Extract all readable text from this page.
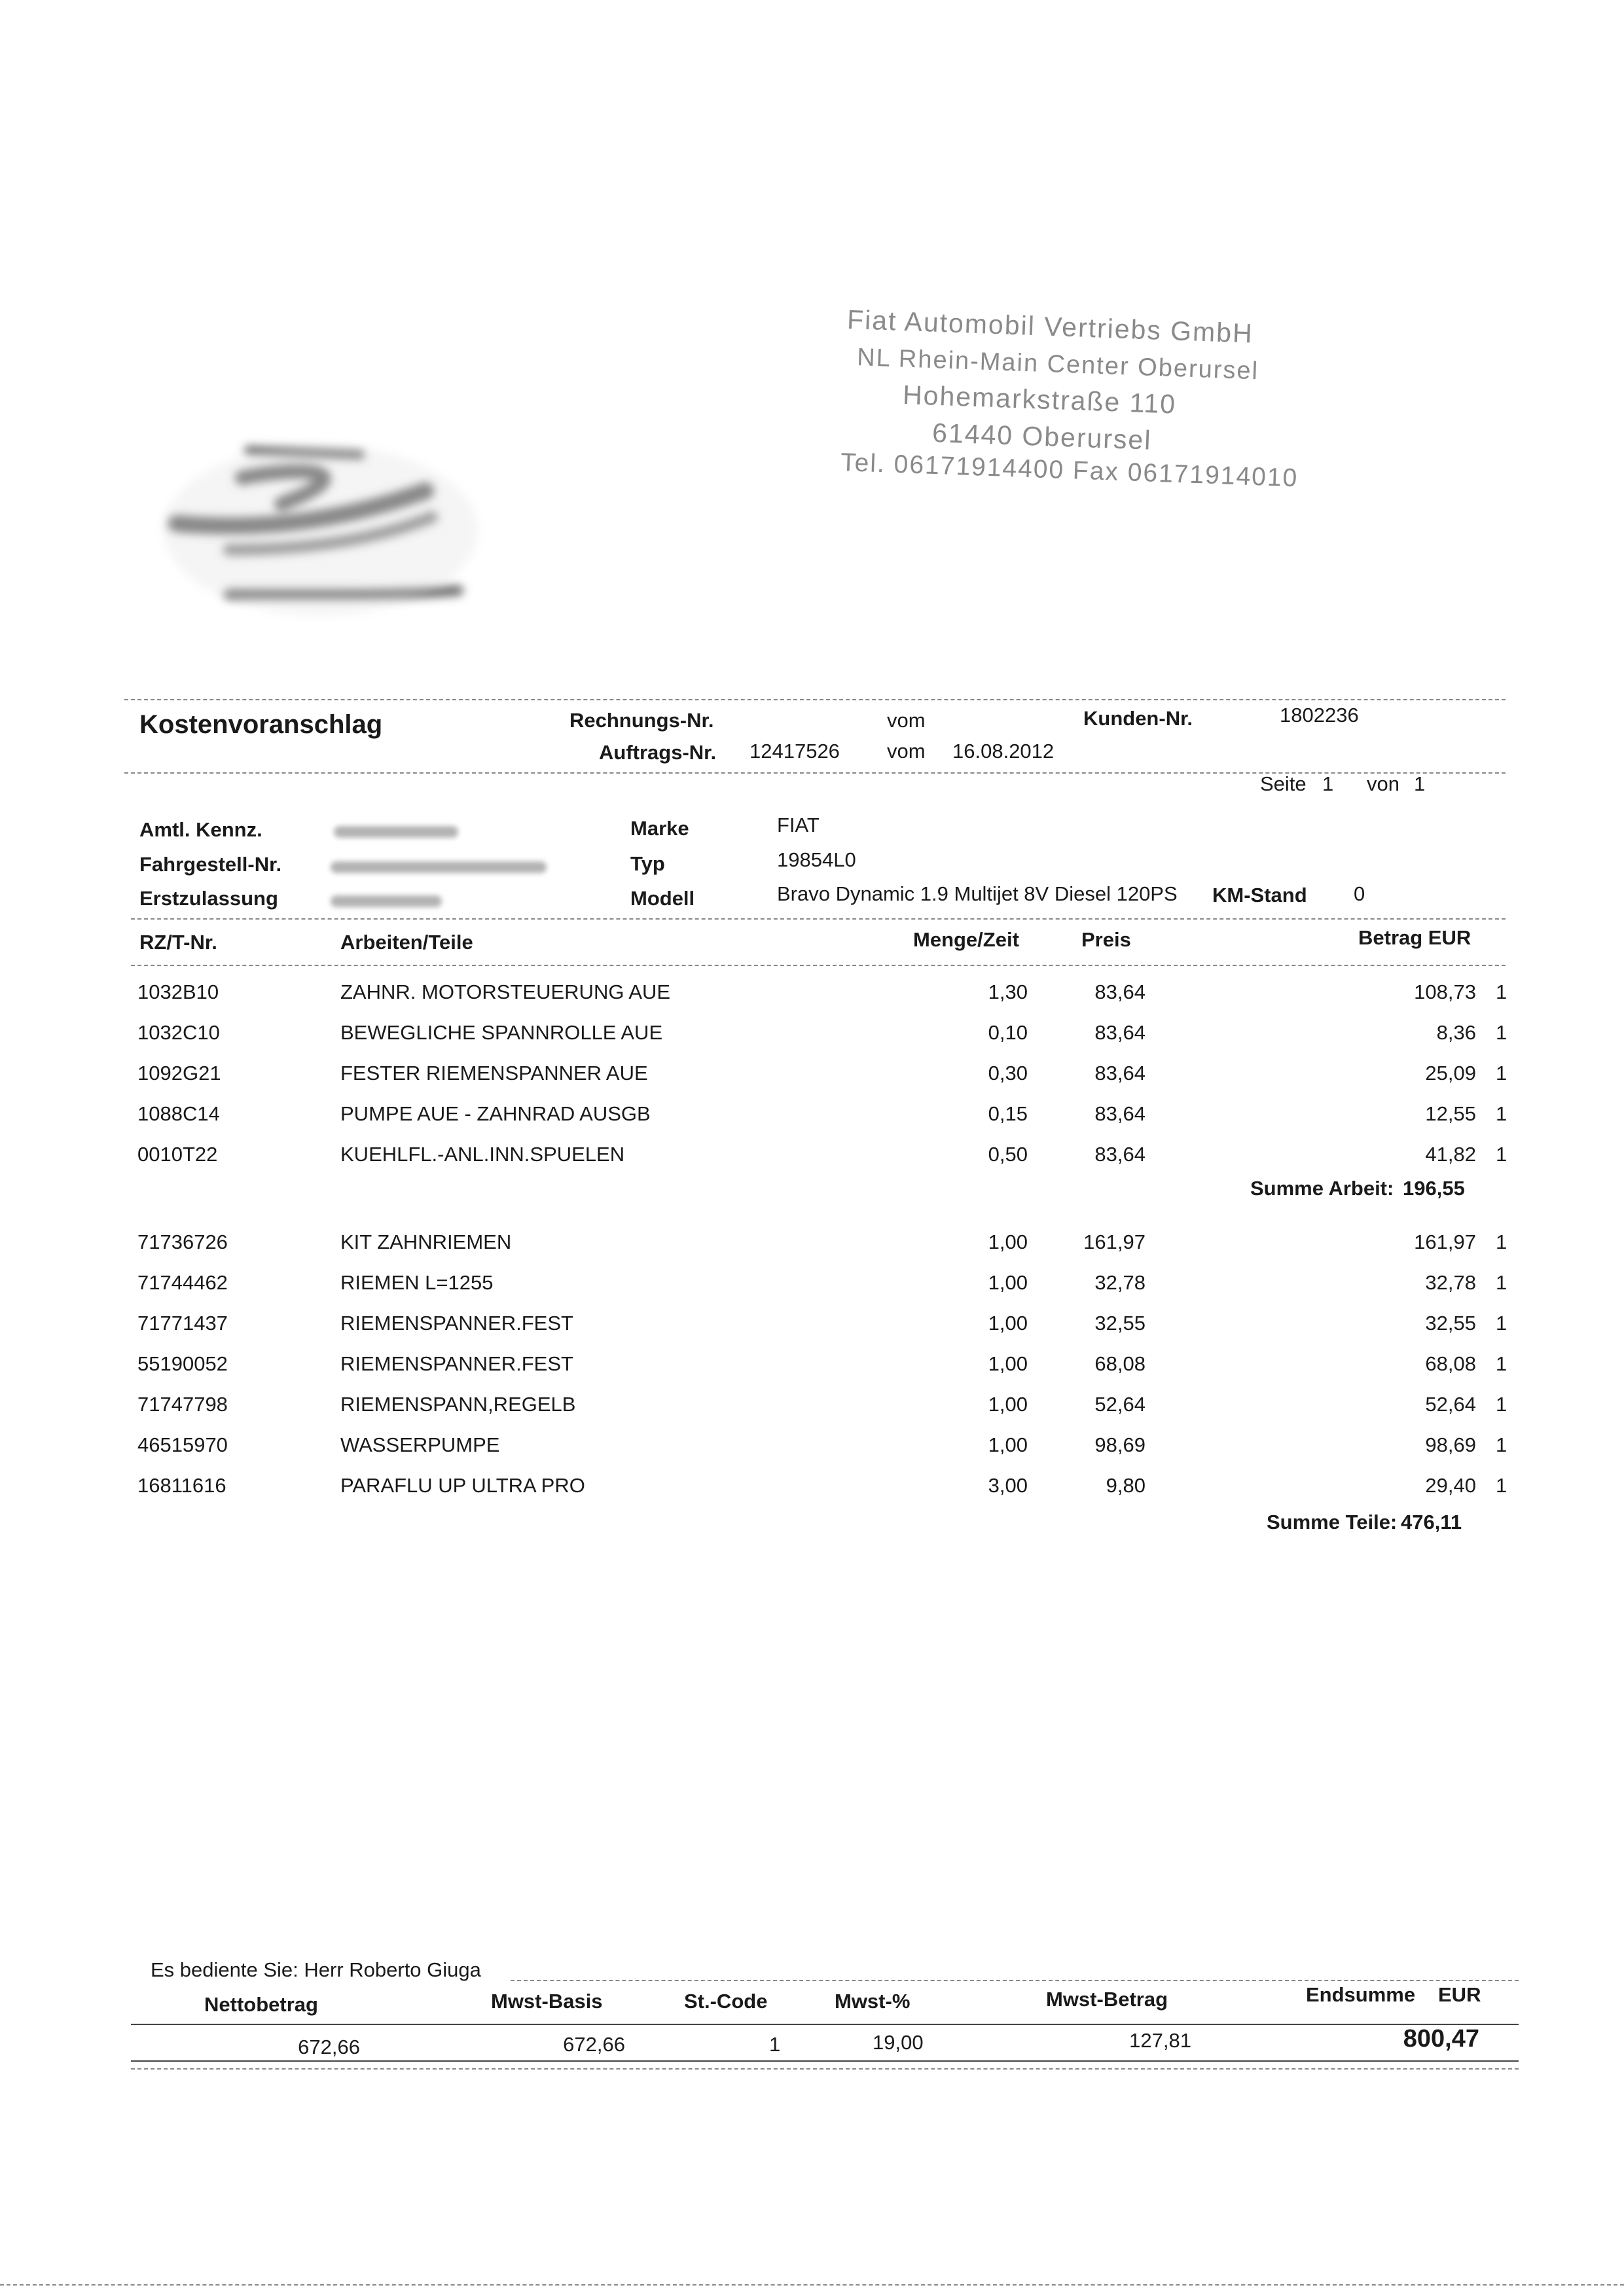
Fiat Automobil Vertriebs GmbH
NL Rhein-Main Center Oberursel
Hohemarkstraße 110
61440 Oberursel
Tel. 06171914400 Fax 06171914010
Kostenvoranschlag	Rechnungs-Nr.	vom	Kunden-Nr.	1802236
Auftrags-Nr. 12417526 vom 16.08.2012
Seite 1 von 1
Amtl. Kennz.
Fahrgestell-Nr.
Erstzulassung
Marke	FIAT
Typ	19854L0
Modell	Bravo Dynamic 1.9 Multijet 8V Diesel 120PS	KM-Stand 0
RZ/T-Nr.	Arbeiten/Teile	Menge/Zeit	Preis	Betrag EUR
1032B10	ZAHNR. MOTORSTEUERUNG AUE	1,30	83,64	108,73 1
1032C10	BEWEGLICHE SPANNROLLE AUE	0,10	83,64	8,36 1
1092G21	FESTER RIEMENSPANNER AUE	0,30	83,64	25,09 1
1088C14	PUMPE AUE - ZAHNRAD AUSGB	0,15	83,64	12,55 1
0010T22	KUEHLFL.-ANL.INN.SPUELEN	0,50	83,64	41,82 1
Summe Arbeit: 196,55
71736726	KIT ZAHNRIEMEN	1,00	161,97	161,97 1
71744462	RIEMEN L=1255	1,00	32,78	32,78 1
71771437	RIEMENSPANNER.FEST	1,00	32,55	32,55 1
55190052	RIEMENSPANNER.FEST	1,00	68,08	68,08 1
71747798	RIEMENSPANN,REGELB	1,00	52,64	52,64 1
46515970	WASSERPUMPE	1,00	98,69	98,69 1
16811616	PARAFLU UP ULTRA PRO	3,00	9,80	29,40 1
Summe Teile: 476,11
Es bediente Sie: Herr Roberto Giuga
Nettobetrag	Mwst-Basis	St.-Code	Mwst-%	Mwst-Betrag	Endsumme EUR
672,66	672,66	1	19,00	127,81	800,47
